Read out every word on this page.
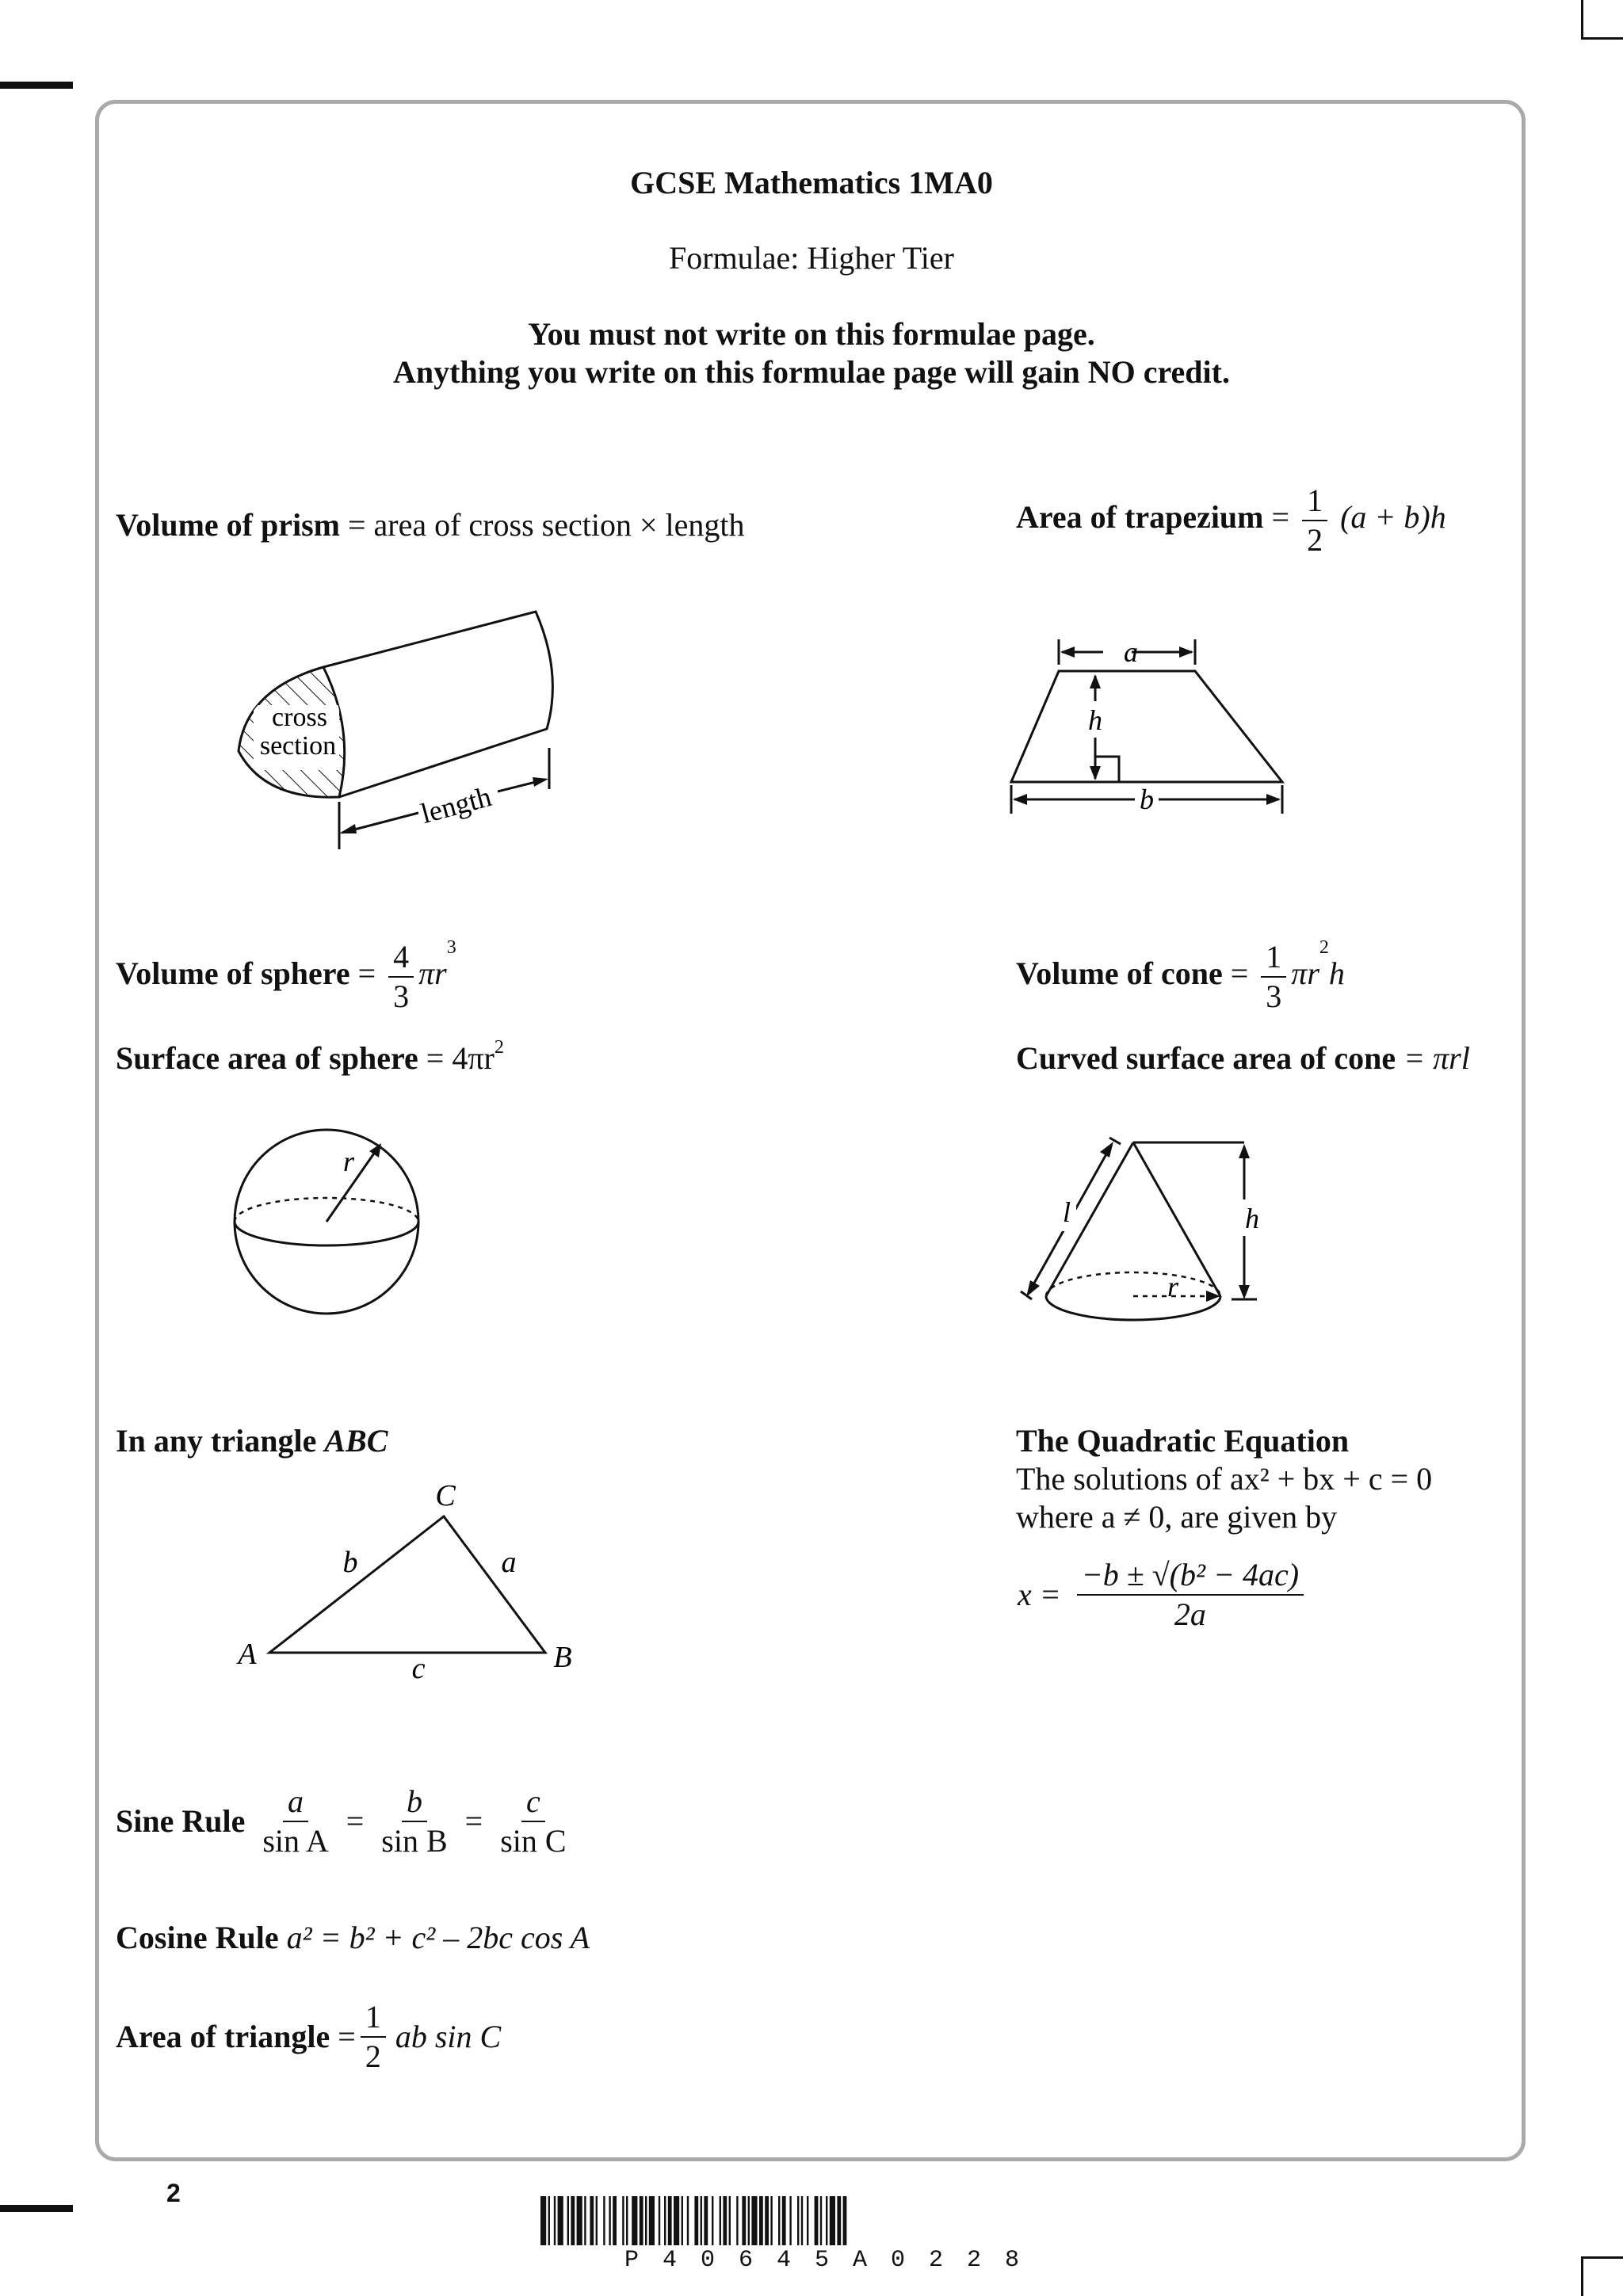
GCSE Mathematics 1MA0
Formulae: Higher Tier
You must not write on this formulae page.
Anything you write on this formulae page will gain NO credit.
Volume of prism = area of cross section × length
cross
section
length
Area of trapezium = $\frac{1}{2} (a + b)h$
a
h
b
Volume of sphere = $\frac{4}{3} \pi r^3$
Surface area of sphere = $4\pi r^2$
r
Volume of cone = $\frac{1}{3} \pi r^2h$
Curved surface area of cone = πrl
r
l	h
In any triangle ABC
C
A	B
b	a
c
The Quadratic Equation
The solutions of ax² + bx + c = 0
where a ≠ 0, are given by
$x = \frac{\text{−b ± √(b² − 4ac)}}{2a}$
Sine Rule $\frac{a}{\text{sin A}} = \frac{b}{\text{sin B}} = \frac{c}{\text{sin C}}$
Cosine Rule a² = b² + c² – 2bc cos A
Area of triangle = $\frac{1}{2}$ ab sin C
2
P 4 0 6 4 5 A 0 2 2 8
